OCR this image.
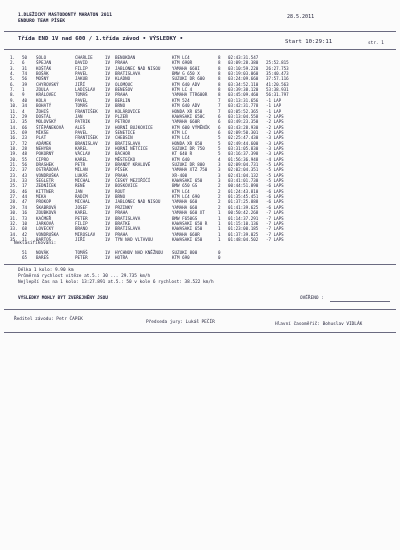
1.DLEŽICKÝ MASTODONTÝ MARATON 2011
ENDURO TEAM PÍSEK
28.5.2011
Třída END 1V nad 600 / 1.třída závod • VÝSLEDKY •	Start 10:29:11	str. 1
1. 50 SOLO	CHARLIE	1V BENOKDAN	KTM LC4	8 02:43:31.547
2. 6	ŠPEJAN	DAVID	1V PRAHA	KTM 690R	8 03:09:28.380 25:52.815
3. 31 KOŠTÁK	FILIP	1V JABLONEC NAD NISOU	YAMAHA 660I	8 03:10:59.220 26:27.753
4. 74 BOŠÁK	PAVEL	1V BRATISLAVA	BMW G 650 X	8 03:19:03.060 35:40.473
5. 56 MOŠNÝ	JAKUB	1V KLADNO	SUZUKI DR 600	8 03:24:09.660 37:57.116
6. 39 CHYROVSKÝ	JIŘÍ	1V OLOMOUC	KTM 640 ADV	8 03:34:52.110 41:20.563
7. 1	ZOULA	LADISLAV 1V BENEŠOV	KTM LC 4	8 03:39:38.120 53:38.931
8. 9	KRÁLOVEC	TOMÁŠ	1V PRAHA	YAMAHA TTR600R	8 03:45:09.460 56:31.797
9. 40 KOLA	PAVEL	1V BERLIN	KTM 524	7 03:13:31.656 -1 LAP
10. 34 BOHATÝ	TOMÁŠ	1V BRNO	KTM 640 ADV	7 03:42:31.778 -1 LAP
11. 4	ŽOHIŠ	FRANTIŠEK 1V KOLÁROVICE	HONDA XR 650	7 03:05:52.365 -1 LAP
12. 29 DOSTÁL	JAN	1V PLZEŇ	KAWASAKI 650C	6 03:13:04.558 -2 LAPS
13. 35 MOLOVSKÝ	PATRIK	1V PETROV	YAMAHA 660R	6 03:49:23.350 -2 LAPS
14. 66 ŠTĚPÁNEKOVÁ	ALEŠ	1V HORNÍ BUJKOVICE	KTM 600 VÝMĚNÍK 6 03:43:28.930 -2 LAPS
15. 69 MÍKŠE	PAVEL	1V ŠENETICE	KTM LC	6 02:09:50.301 -2 LAPS
16. 23 PLAT	FRANTIŠEK 1V CHEBSIN	KTM LC4	5 02:25:47.430 -3 LAPS
17. 72 ADÁMEK	BRANISLAV 1V BRATISLAVA	HONDA XR 650	5 02:49:44.600 -3 LAPS
18. 28 NEHYBA	KAREL	1V HORNÍ NĚTČICE	SUZUKI DR 750	5 03:31:05.830 -3 LAPS
19. 48 POKORNÝ	VÁCLAV	1V BÁCHOR	KT 640 R	5 03:16:37.398 -3 LAPS
20. 55 CIPRO	KAREL	1V MĚSTEČKO	KTM 640	4 01:56:36.948 -4 LAPS
21. 56 DRASHEK	PETR	1V BRANDÝ KRALOVÉ	SUZUKI DR 800	3 02:09:04.731 -5 LAPS
22. 37 OSTRÁDOVÁ	MILAN	1V PÍSEK	YAMAHA XTZ 750	3 02:02:04.351 -5 LAPS
23. 43 VONDRUŠKA	LUKÁŠ	1V PRAHA	XR-400	3 02:41:04.132 -5 LAPS
24. 33 ŠEGLETR	MICHAL	1V ČESKÝ MEZIŘÍČÍ	KAWASAKI 650	3 03:41:01.730 -5 LAPS
25. 17 ZEDNÍČEK	RENÉ	1V BOSKOVICE	BMW 650 GS	2 00:44:51.890 -6 LAPS
26. 46 KITTNER	JAN	1V ROUT	KTM LC4	2 01:24:43.810 -6 LAPS
27. 44 MIKA	RADIM	1V BRNO	KTM LC4 690	2 01:35:45.451 -6 LAPS
28. 47 PROKOP	MICHAL	1V JABLONEC NAD NISOU	YAMAHA 660	2 01:37:25.888 -6 LAPS
29. 74 ŠKABROVÁ	JOSEF	1V PRZINKY	YAMAHA 660	2 01:41:39.625 -6 LAPS
30. 16 ZOUBKOVÁ	KAREL	1V PRAHA	YAMAHA 660 XT	1 00:50:42.268 -7 LAPS
31. 73 KAČMEŘ	PETER	1V BRATISLAVA	BMW F650GS	1 01:14:37.291 -7 LAPS
32. 10 JARKOVÁ	FILIP	1V BRATKE	KAWASAKI 650 R	1 01:15:10.136 -7 LAPS
33. 68 LOVECKÝ	BRANO	1V BRATISLAVA	KAWASAKI 650	1 01:23:00.185 -7 LAPS
34. 42 VONDRUŠKA	MIROSLAV 1V PRAHA	YAMAHA 660R	1 01:37:39.025 -7 LAPS
35. 11 BARTOŠ	JIŘÍ	1V TÝN NAD VLTAVOU	KAWASAKI 650	1 01:48:04.502 -7 LAPS
Neklasifikovani:
51 NOVÁK	TOMÁŠ	1V HYCHNOV NAD KNĚŽNOU SUZUKI 800	0
65 BAREŠ	PETER	1V HOTRA	KTM 690	0
Délka 1 kolo: 9.90 km
Průměrná rychlost vítěze at.5.: 30 ... 29.735 km/h
Nejlepší čas na 1 kolo: 13:27.891 at.5.: 50 v kole 6 rychlost: 38.522 km/h
VÝSLEDKY MOHLY BÝT ZVEŘEJNĚNY JSOU	OVĚŘENO :
Ředitel závodu: Petr ČAPEK
Předseda jury: Lukáš PEČÍR	Hlavní časoměřič: Bohuslav VIDLÁK
